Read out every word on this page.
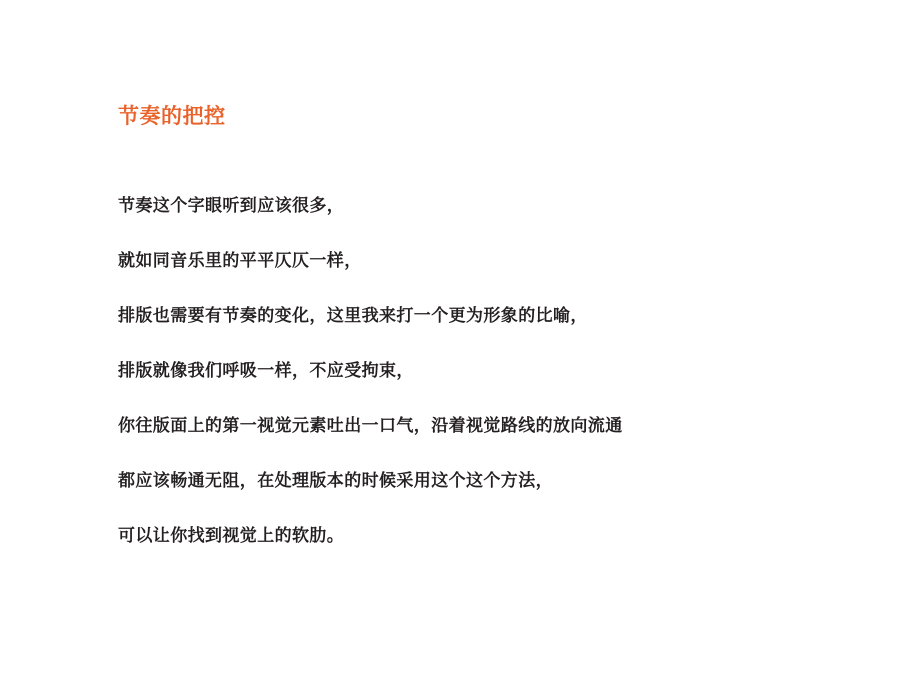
节奏的把控

节奏这个字眼听到应该很多，

就如同音乐里的平平仄仄一样，

排版也需要有节奏的变化，这里我来打一个更为形象的比喻，

排版就像我们呼吸一样，不应受拘束，

你往版面上的第一视觉元素吐出一口气，沿着视觉路线的放向流通

都应该畅通无阻，在处理版本的时候采用这个这个方法，

可以让你找到视觉上的软肋。
